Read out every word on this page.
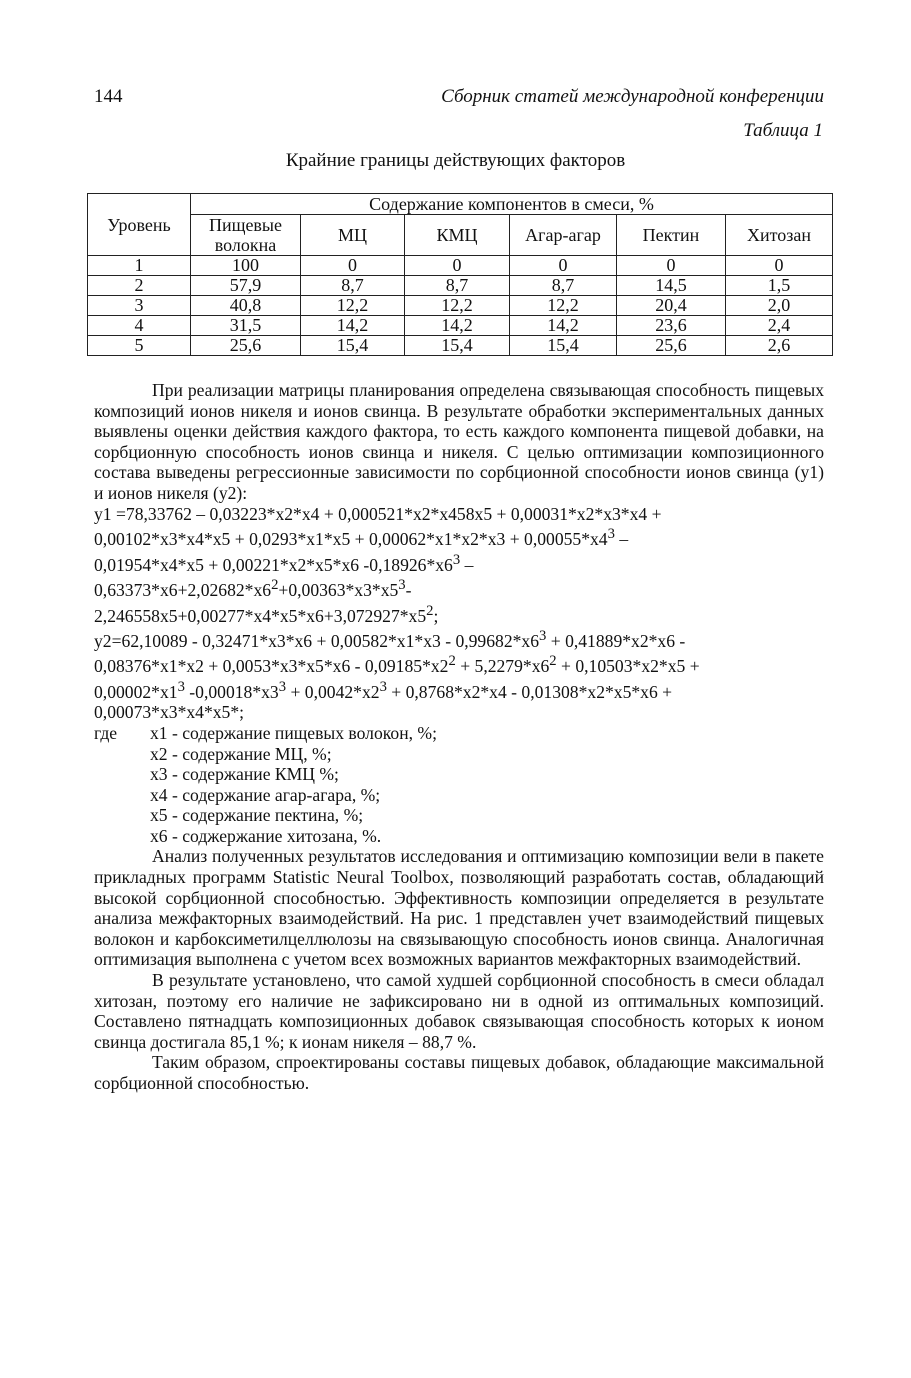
144	Сборник статей международной конференции
Таблица 1
Крайние границы действующих факторов
Уровень	Содержание компонентов в смеси, %					
	Пищевые волокна	МЦ	КМЦ	Агар-агар	Пектин	Хитозан
1	100	0	0	0	0	0
2	57,9	8,7	8,7	8,7	14,5	1,5
3	40,8	12,2	12,2	12,2	20,4	2,0
4	31,5	14,2	14,2	14,2	23,6	2,4
5	25,6	15,4	15,4	15,4	25,6	2,6

При реализации матрицы планирования определена связывающая способность пищевых композиций ионов никеля и ионов свинца. В результате обработки экспериментальных данных выявлены оценки действия каждого фактора, то есть каждого компонента пищевой добавки, на сорбционную способность ионов свинца и никеля. С целью оптимизации композиционного состава выведены регрессионные зависимости по сорбционной способности ионов свинца (у1) и ионов никеля (у2):

у1 =78,33762 – 0,03223*x2*x4 + 0,000521*x2*x458x5 + 0,00031*x2*x3*x4 +

$0,00102*x3*x4*x5 + 0,0293*x1*x5 + 0,00062*x1*x2*x3 + 0,00055*x4^3$ –

0,01954*x4*x5 + 0,00221*x2*x5*x6 $-0,18926*x6^3$ –

$0,63373*x6+2,02682*x6^2+0,00363*x3*x5^3-$

$2,246558x5+0,00277*x4*x5*x6+3,072927*x5^2$;

$у2=62,10089 - 0,32471*x3*x6 + 0,00582*x1*x3 - 0,99682*x6^3 + 0,41889*x2*x6$ -

$0,08376*x1*x2 + 0,0053*x3*x5*x6 - 0,09185*x2^2 + 5,2279*x6^2 + 0,10503*x2*x5$ +

$0,00002*x1^3$ $-0,00018*x3^3 + 0,0042*x2^3 + 0,8768*x2*x4 - 0,01308*x2*x5*x6$ +

0,00073*x3*x4*x5*;

где x1 - содержание пищевых волокон, %;
x2 - содержание МЦ, %;
x3 - содержание КМЦ %;
x4 - содержание агар-агара, %;
x5 - содержание пектина, %;
x6 - соджержание хитозана, %.

Анализ полученных результатов исследования и оптимизацию композиции вели в пакете прикладных программ Statistic Neural Toolbox, позволяющий разработать состав, обладающий высокой сорбционной способностью. Эффективность композиции определяется в результате анализа межфакторных взаимодействий. На рис. 1 представлен учет взаимодействий пищевых волокон и карбоксиметилцеллюлозы на связывающую способность ионов свинца. Аналогичная оптимизация выполнена с учетом всех возможных вариантов межфакторных взаимодействий.

В результате установлено, что самой худшей сорбционной способность в смеси обладал хитозан, поэтому его наличие не зафиксировано ни в одной из оптимальных композиций. Составлено пятнадцать композиционных добавок связывающая способность которых к ионом свинца достигала 85,1 %; к ионам никеля – 88,7 %.

Таким образом, спроектированы составы пищевых добавок, обладающие максимальной сорбционной способностью.
